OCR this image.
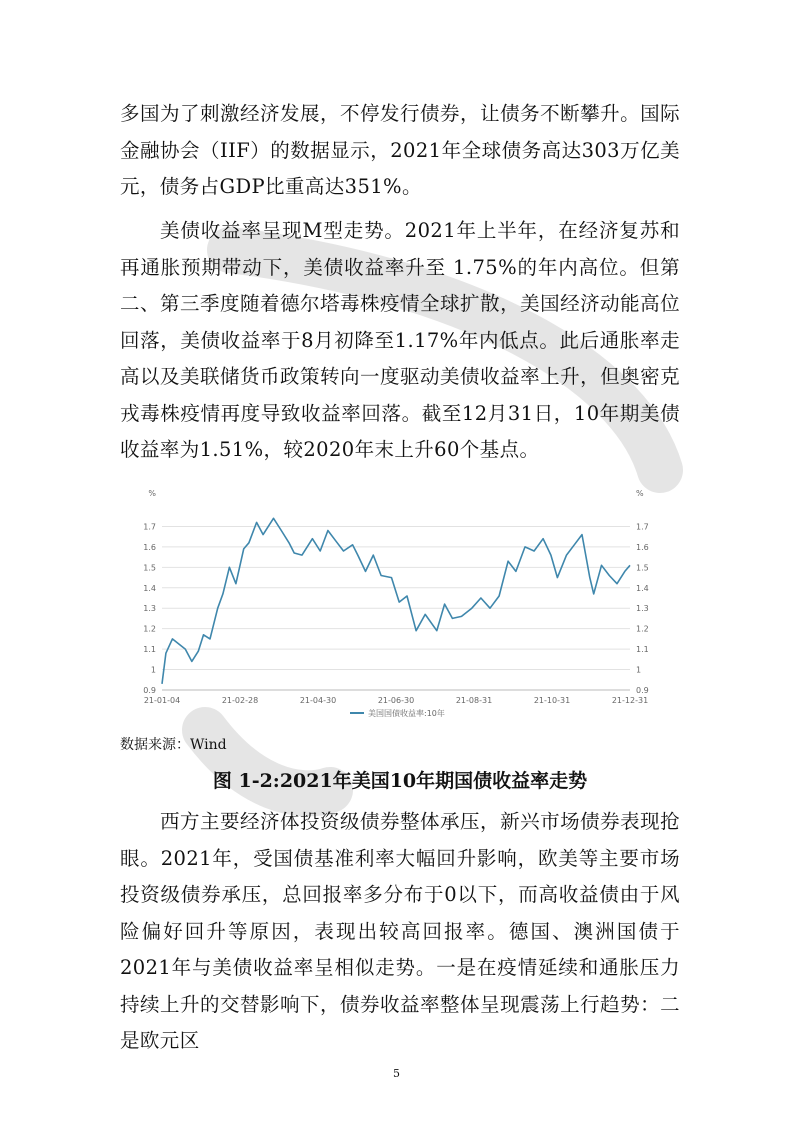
多国为了刺激经济发展，不停发行债券，让债务不断攀升。国际金融协会（IIF）的数据显示，2021年全球债务高达303万亿美元，债务占GDP比重高达351%。

美债收益率呈现M型走势。2021年上半年，在经济复苏和再通胀预期带动下，美债收益率升至 1.75%的年内高位。但第二、第三季度随着德尔塔毒株疫情全球扩散，美国经济动能高位回落，美债收益率于8月初降至1.17%年内低点。此后通胀率走高以及美联储货币政策转向一度驱动美债收益率上升，但奥密克戎毒株疫情再度导致收益率回落。截至12月31日，10年期美债收益率为1.51%，较2020年末上升60个基点。

0.9	0.9
1	1
1.1	1.1
1.2	1.2
1.3	1.3
1.4	1.4
1.5	1.5
1.6	1.6
1.7	1.7
%	%
21-01-04	21-02-28	21-04-30	21-06-30	21-08-31	21-10-31	21-12-31
美国国债收益率:10年
数据来源：Wind
图 1-2:2021年美国10年期国债收益率走势

西方主要经济体投资级债券整体承压，新兴市场债券表现抢眼。2021年，受国债基准利率大幅回升影响，欧美等主要市场投资级债券承压，总回报率多分布于0以下，而高收益债由于风险偏好回升等原因，表现出较高回报率。德国、澳洲国债于2021年与美债收益率呈相似走势。一是在疫情延续和通胀压力持续上升的交替影响下，债券收益率整体呈现震荡上行趋势：二是欧元区

5
